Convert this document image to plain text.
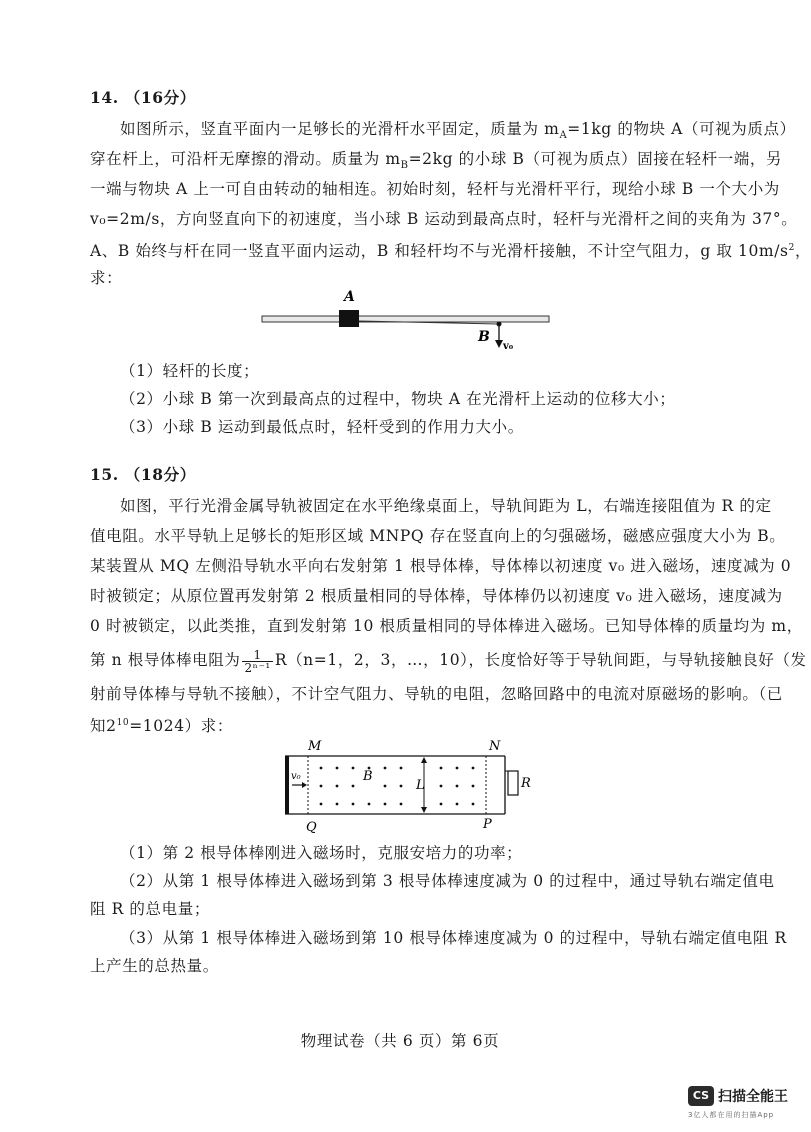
14. （16分）
如图所示，竖直平面内一足够长的光滑杆水平固定，质量为 $m_A=1kg$ 的物块 A（可视为质点）
穿在杆上，可沿杆无摩擦的滑动。质量为 $m_B=2kg$ 的小球 B（可视为质点）固接在轻杆一端，另
一端与物块 A 上一可自由转动的轴相连。初始时刻，轻杆与光滑杆平行，现给小球 B 一个大小为
v₀=2m/s，方向竖直向下的初速度，当小球 B 运动到最高点时，轻杆与光滑杆之间的夹角为 37°。
A、B 始终与杆在同一竖直平面内运动，B 和轻杆均不与光滑杆接触，不计空气阻力，g 取 $10m/s^2$，
求：
A
B
v₀
（1）轻杆的长度；
（2）小球 B 第一次到最高点的过程中，物块 A 在光滑杆上运动的位移大小；
（3）小球 B 运动到最低点时，轻杆受到的作用力大小。
15. （18分）
如图，平行光滑金属导轨被固定在水平绝缘桌面上，导轨间距为 L，右端连接阻值为 R 的定
值电阻。水平导轨上足够长的矩形区域 MNPQ 存在竖直向上的匀强磁场，磁感应强度大小为 B。
某装置从 MQ 左侧沿导轨水平向右发射第 1 根导体棒，导体棒以初速度 v₀ 进入磁场，速度减为 0
时被锁定；从原位置再发射第 2 根质量相同的导体棒，导体棒仍以初速度 v₀ 进入磁场，速度减为
0 时被锁定，以此类推，直到发射第 10 根质量相同的导体棒进入磁场。已知导体棒的质量均为 m，
第 n 根导体棒电阻为 $\frac{1}{\text{2ⁿ⁻¹}} R(n=1$，2，3，…，10），长度恰好等于导轨间距，与导轨接触良好（发
射前导体棒与导轨不接触），不计空气阻力、导轨的电阻，忽略回路中的电流对原磁场的影响。（已
知$2^{10}=1024$）求：
M	N
Q	P
B
L	R
v₀
（1）第 2 根导体棒刚进入磁场时，克服安培力的功率；
（2）从第 1 根导体棒进入磁场到第 3 根导体棒速度减为 0 的过程中，通过导轨右端定值电
阻 R 的总电量；
（3）从第 1 根导体棒进入磁场到第 10 根导体棒速度减为 0 的过程中，导轨右端定值电阻 R
上产生的总热量。
物理试卷（共 6 页）第 6页
CS 扫描全能王
3亿人都在用的扫描App
